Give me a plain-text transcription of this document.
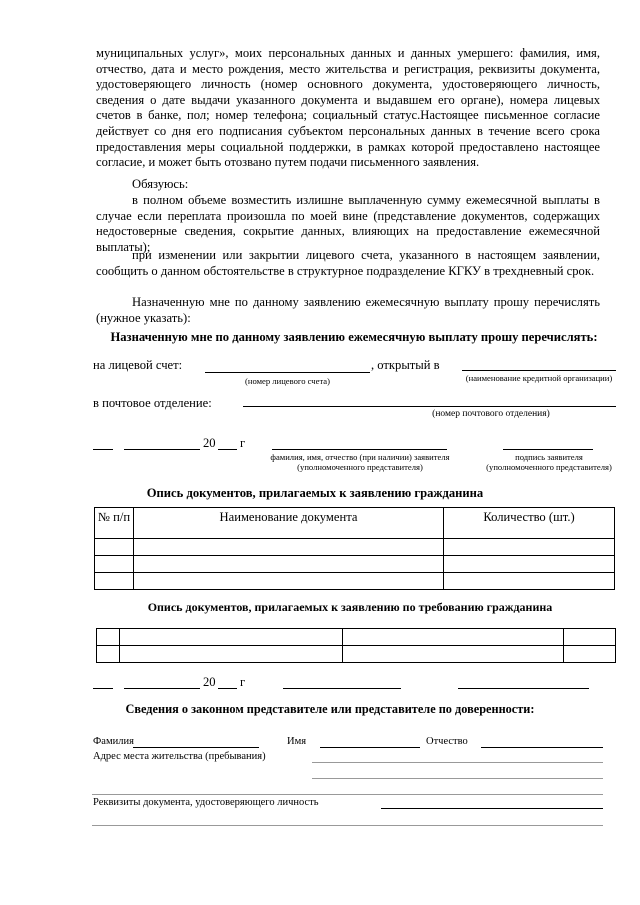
муниципальных услуг», моих персональных данных и данных умершего: фамилия, имя, отчество, дата и место рождения, место жительства и регистрация, реквизиты документа, удостоверяющего личность (номер основного документа, удостоверяющего личность, сведения о дате выдачи указанного документа и выдавшем его органе), номера лицевых счетов в банке, пол; номер телефона; социальный статус.Настоящее письменное согласие действует со дня его подписания субъектом персональных данных в течение всего срока предоставления меры социальной поддержки, в рамках которой предоставлено настоящее согласие, и может быть отозвано путем подачи письменного заявления.

Обязуюсь:

в полном объеме возместить излишне выплаченную сумму ежемесячной выплаты в случае если переплата произошла по моей вине (представление документов, содержащих недостоверные сведения, сокрытие данных, влияющих на предоставление ежемесячной выплаты);

при изменении или закрытии лицевого счета, указанного в настоящем заявлении, сообщить о данном обстоятельстве в структурное подразделение КГКУ в трехдневный срок.

Назначенную мне по данному заявлению ежемесячную выплату прошу перечислять (нужное указать):

Назначенную мне по данному заявлению ежемесячную выплату прошу перечислять:
на лицевой счет:	, открытый в
(номер лицевого счета)	(наименование кредитной организации)
в почтовое отделение:
(номер почтового отделения)
20 г
фамилия, имя, отчество (при наличии) заявителя (уполномоченного представителя)
подпись заявителя (уполномоченного представителя)
Опись документов, прилагаемых к заявлению гражданина
№ п/п	Наименование документа	Количество (шт.)

Опись документов, прилагаемых к заявлению по требованию гражданина

20 г
Сведения о законном представителе или представителе по доверенности:
Фамилия	Имя	Отчество
Адрес места жительства (пребывания)
Реквизиты документа, удостоверяющего личность
